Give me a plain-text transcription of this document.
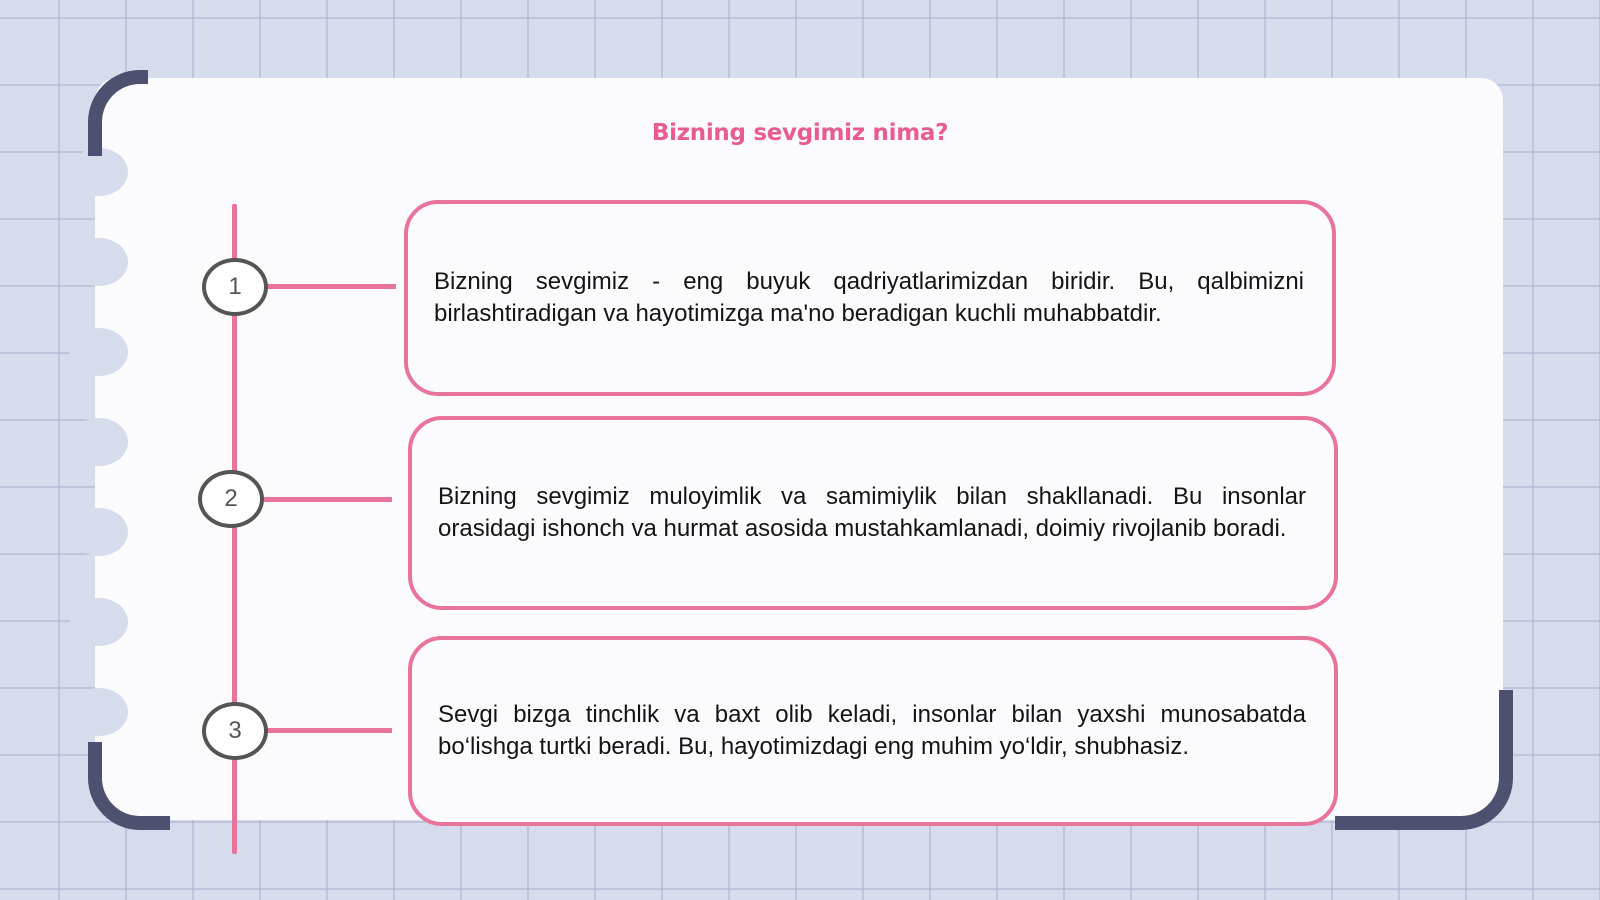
Bizning sevgimiz nima?
1
2
3

Bizning sevgimiz - eng buyuk qadriyatlarimizdan biridir. Bu, qalbimizni birlashtiradigan va hayotimizga ma'no beradigan kuchli muhabbatdir.

Bizning sevgimiz muloyimlik va samimiylik bilan shakllanadi. Bu insonlar orasidagi ishonch va hurmat asosida mustahkamlanadi, doimiy rivojlanib boradi.

Sevgi bizga tinchlik va baxt olib keladi, insonlar bilan yaxshi munosabatda bo‘lishga turtki beradi. Bu, hayotimizdagi eng muhim yo‘ldir, shubhasiz.
